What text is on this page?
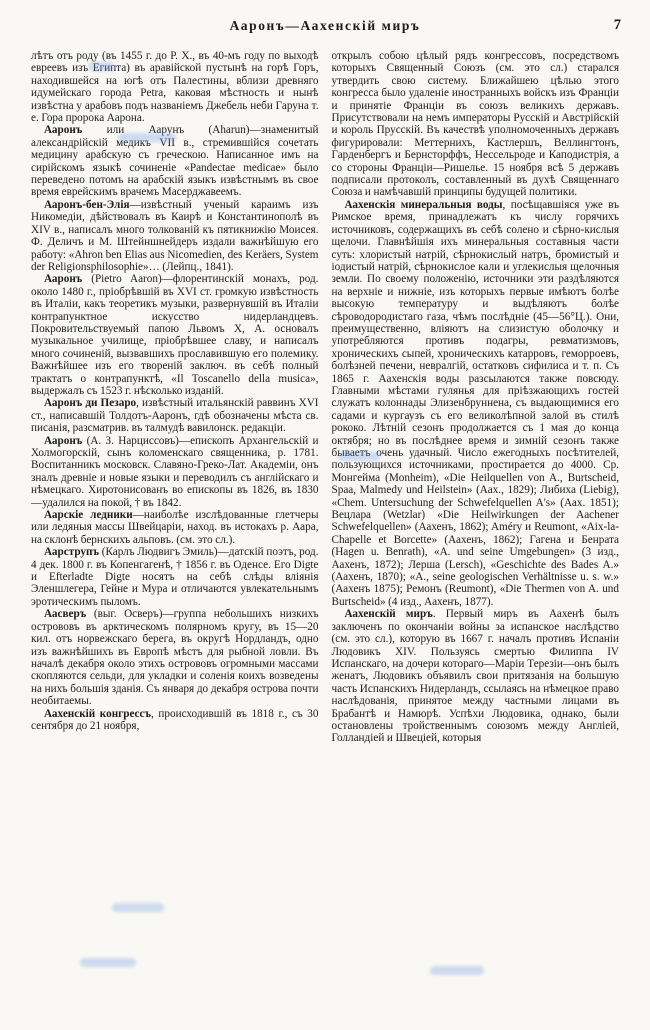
Ааронъ—Аахенскій миръ	7

лѣтъ отъ роду (въ 1455 г. до Р. Х., въ 40-мъ году по выходѣ евреевъ изъ Египта) въ аравійской пустынѣ на горѣ Горъ, находившейся на югѣ отъ Палестины, вблизи древняго идумейскаго города Petra, каковая мѣстность и нынѣ извѣстна у арабовъ подъ названіемъ Джебель неби Гаруна т. е. Гора пророка Аарона.

Ааронъ или Аарунъ (Aharun)—знаменитый александрійскій медикъ VII в., стремившійся сочетать медицину арабскую съ греческою. Написанное имъ на сирійскомъ языкѣ сочиненіе «Pandectae medicae» было переведено потомъ на арабскій языкъ извѣстнымъ въ свое время еврейскимъ врачемъ Масерджавеемъ.

Ааронъ-бен-Элія—извѣстный ученый караимъ изъ Никомедіи, дѣйствовалъ въ Каирѣ и Константинополѣ въ XIV в., написалъ много толкованій къ пятикнижію Моисея. Ф. Деличъ и М. Штейншнейдеръ издали важнѣйшую его работу: «Ahron ben Elias aus Nicomedien, des Keräers, System der Religionsphilosophie»… (Лейпц., 1841).

Ааронъ (Pietro Aaron)—флорентинскій монахъ, род. около 1480 г., пріобрѣвшій въ XVI ст. громкую извѣстность въ Италіи, какъ теоретикъ музыки, развернувшій въ Италіи контрапунктное искусство нидерландцевъ. Покровительствуемый папою Львомъ X, А. основалъ музыкальное училище, пріобрѣвшее славу, и написалъ много сочиненій, вызвавшихъ прославившую его полемику. Важнѣйшее изъ его твореній заключ. въ себѣ полный трактатъ о контрапунктѣ, «Il Toscanello della musica», выдержалъ съ 1523 г. нѣсколько изданій.

Ааронъ ди Пезаро, извѣстный итальянскій раввинъ XVI ст., написавшій Толдотъ-Ааронъ, гдѣ обозначены мѣста св. писанія, разсматрив. въ талмудѣ вавилонск. редакціи.

Ааронъ (А. З. Нарциссовъ)—епископъ Архангельскій и Холмогорскій, сынъ коломенскаго священника, р. 1781. Воспитанникъ московск. Славяно-Греко-Лат. Академіи, онъ зналъ древніе и новые языки и переводилъ съ англійскаго и нѣмецкаго. Хиротонисованъ во епископы въ 1826, въ 1830—удалился на покой, † въ 1842.

Аарскіе ледники—наиболѣе изслѣдованные глетчеры или ледяныя массы Швейцаріи, наход. въ истокахъ р. Аара, на склонѣ бернскихъ альповъ. (см. это сл.).

Аарструпъ (Карлъ Людвигъ Эмиль)—датскій поэтъ, род. 4 дек. 1800 г. въ Копенгагенѣ, † 1856 г. въ Оденсе. Его Digte и Efterladte Digte носятъ на себѣ слѣды вліянія Эленшлегера, Гейне и Мура и отличаются увлекательнымъ эротическимъ пыломъ.

Аасверъ (выг. Осверъ)—группа небольшихъ низкихъ острововъ въ арктическомъ полярномъ кругу, въ 15—20 кил. отъ норвежскаго берега, въ округѣ Нордландъ, одно изъ важнѣйшихъ въ Европѣ мѣстъ для рыбной ловли. Въ началѣ декабря около этихъ острововъ огромными массами скопляются сельди, для укладки и соленія коихъ возведены на нихъ большія зданія. Съ января до декабря острова почти необитаемы.

Аахенскій конгрессъ, происходившій въ 1818 г., съ 30 сентября до 21 ноября,

открылъ собою цѣлый рядъ конгрессовъ, посредствомъ которыхъ Священный Союзъ (см. это сл.) старался утвердить свою систему. Ближайшею цѣлью этого конгресса было удаленіе иностранныхъ войскъ изъ Франціи и принятіе Франціи въ союзъ великихъ державъ. Присутствовали на немъ императоры Русскій и Австрійскій и король Прусскій. Въ качествѣ уполномоченныхъ державъ фигурировали: Меттернихъ, Кастлершъ, Веллингтонъ, Гарденбергъ и Бернсторффъ, Нессельроде и Каподистрія, а со стороны Франціи—Ришелье. 15 ноября всѣ 5 державъ подписали протоколъ, составленный въ духѣ Священнаго Союза и намѣчавшій принципы будущей политики.

Аахенскія минеральныя воды, посѣщавшіяся уже въ Римское время, принадлежатъ къ числу горячихъ источниковъ, содержащихъ въ себѣ солено и сѣрно-кислыя щелочи. Главнѣйшія ихъ минеральныя составныя части суть: хлористый натрій, сѣрнокислый натръ, бромистый и іодистый натрій, сѣрнокислое кали и углекислыя щелочныя земли. По своему положенію, источники эти раздѣляются на верхніе и нижніе, изъ которыхъ первые имѣютъ болѣе высокую температуру и выдѣляютъ болѣе сѣроводородистаго газа, чѣмъ послѣдніе (45—56°Ц.). Они, преимущественно, вліяютъ на слизистую оболочку и употребляются противъ подагры, ревматизмовъ, хроническихъ сыпей, хроническихъ катарровъ, геморроевъ, болѣзней печени, невралгій, остатковъ сифилиса и т. п. Съ 1865 г. Аахенскія воды разсылаются также повсюду. Главными мѣстами гулянья для пріѣзжающихъ гостей служатъ колоннады Элизенбруннена, съ выдающимися его садами и кургаузъ съ его великолѣпной залой въ стилѣ рококо. Лѣтній сезонъ продолжается съ 1 мая до конца октября; но въ послѣднее время и зимній сезонъ также бываетъ очень удачный. Число ежегодныхъ посѣтителей, пользующихся источниками, простирается до 4000. Ср. Монгейма (Monheim), «Die Heilquellen von A., Burtscheid, Spaa, Malmedy und Heilstein» (Аах., 1829); Либиха (Liebig), «Chem. Untersuchung der Schwefelquellen A's» (Аах. 1851); Вецлара (Wetzlar) «Die Heilwirkungen der Aachener Schwefelquellen» (Аахенъ, 1862); Améry и Reumont, «Aix-la-Chapelle et Borcette» (Аахенъ, 1862); Гагена и Бенрата (Hagen u. Benrath), «A. und seine Umgebungen» (3 изд., Аахенъ, 1872); Лерша (Lersch), «Geschichte des Bades A.» (Аахенъ, 1870); «A., seine geologischen Verhältnisse u. s. w.» (Аахенъ 1875); Ремонъ (Reumont), «Die Thermen von A. und Burtscheid» (4 изд., Аахенъ, 1877).

Аахенскій миръ. Первый миръ въ Аахенѣ былъ заключенъ по окончаніи войны за испанское наслѣдство (см. это сл.), которую въ 1667 г. началъ противъ Испаніи Людовикъ XIV. Пользуясь смертью Филиппа IV Испанскаго, на дочери котораго—Маріи Терезіи—онъ былъ женатъ, Людовикъ объявилъ свои притязанія на большую часть Испанскихъ Нидерландъ, ссылаясь на нѣмецкое право наслѣдованія, принятое между частными лицами въ Брабантѣ и Намюрѣ. Успѣхи Людовика, однако, были остановлены тройственнымъ союзомъ между Англіей, Голландіей и Швеціей, которыя
